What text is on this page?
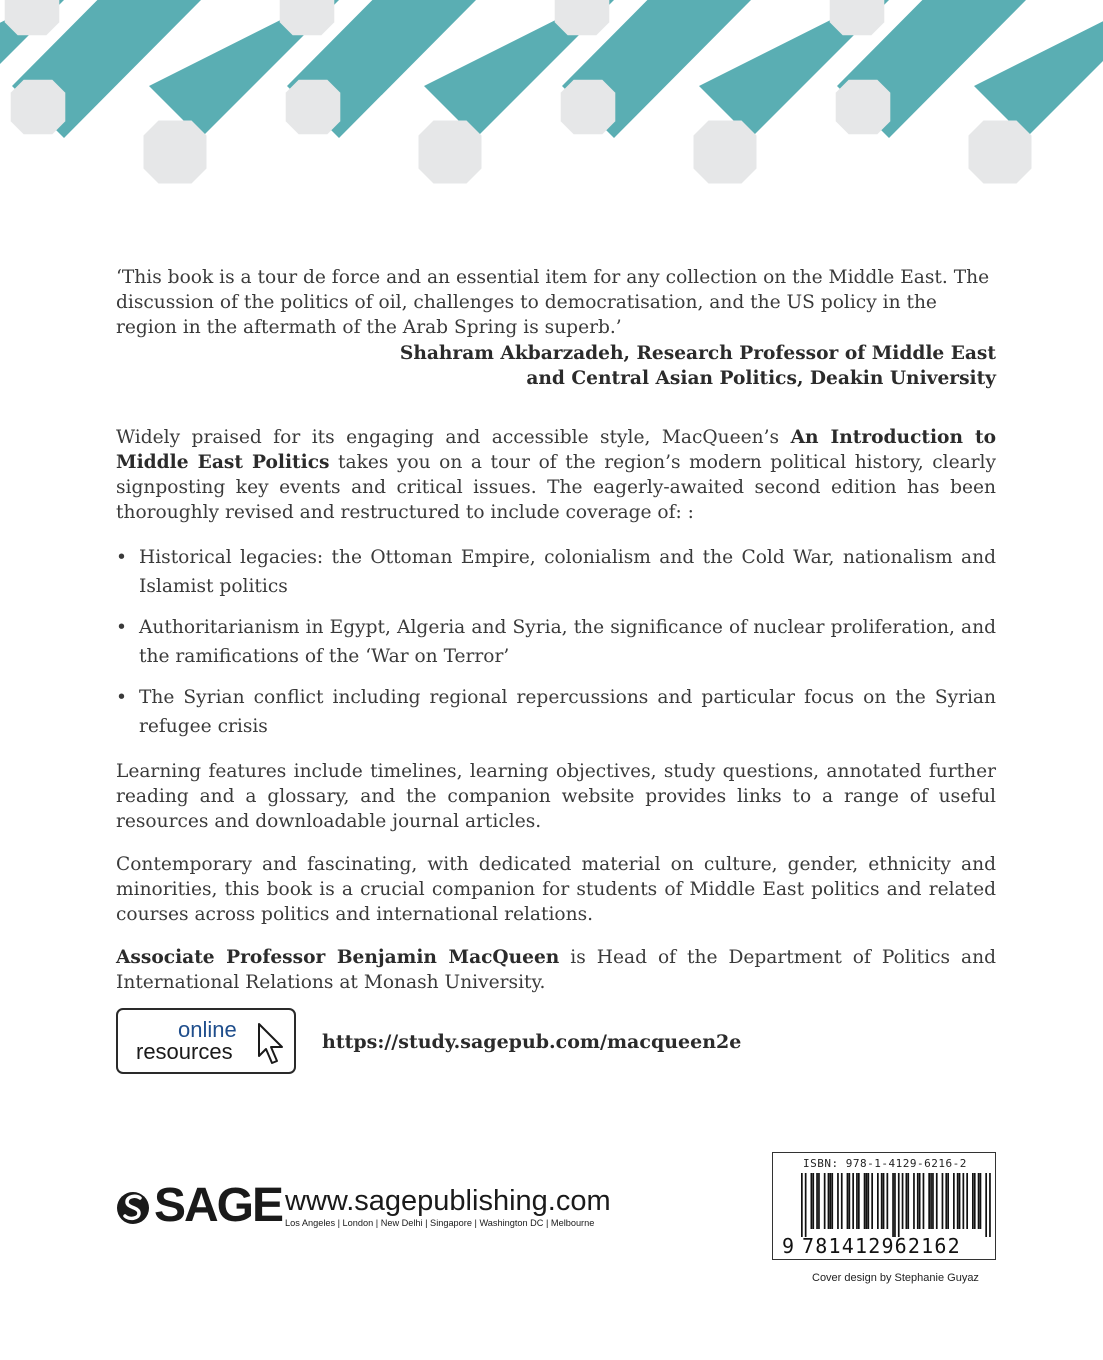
‘This book is a tour de force and an essential item for any collection on the Middle East. The discussion of the politics of oil, challenges to democratisation, and the US policy in the region in the aftermath of the Arab Spring is superb.’
Shahram Akbarzadeh, Research Professor of Middle East
and Central Asian Politics, Deakin University

Widely praised for its engaging and accessible style, MacQueen’s An Introduction to Middle East Politics takes you on a tour of the region’s modern political history, clearly signposting key events and critical issues. The eagerly-awaited second edition has been thoroughly revised and restructured to include coverage of: :

• Historical legacies: the Ottoman Empire, colonialism and the Cold War, nationalism and Islamist politics
• Authoritarianism in Egypt, Algeria and Syria, the significance of nuclear proliferation, and the ramifications of the ‘War on Terror’
• The Syrian conflict including regional repercussions and particular focus on the Syrian refugee crisis

Learning features include timelines, learning objectives, study questions, annotated further reading and a glossary, and the companion website provides links to a range of useful resources and downloadable journal articles.

Contemporary and fascinating, with dedicated material on culture, gender, ethnicity and minorities, this book is a crucial companion for students of Middle East politics and related courses across politics and international relations.

Associate Professor Benjamin MacQueen is Head of the Department of Politics and International Relations at Monash University.

online
resources	https://study.sagepub.com/macqueen2e
SAGE www.sagepublishing.com
Los Angeles | London | New Delhi | Singapore | Washington DC | Melbourne
ISBN: 978-1-4129-6216-2
9 781412962162
Cover design by Stephanie Guyaz
